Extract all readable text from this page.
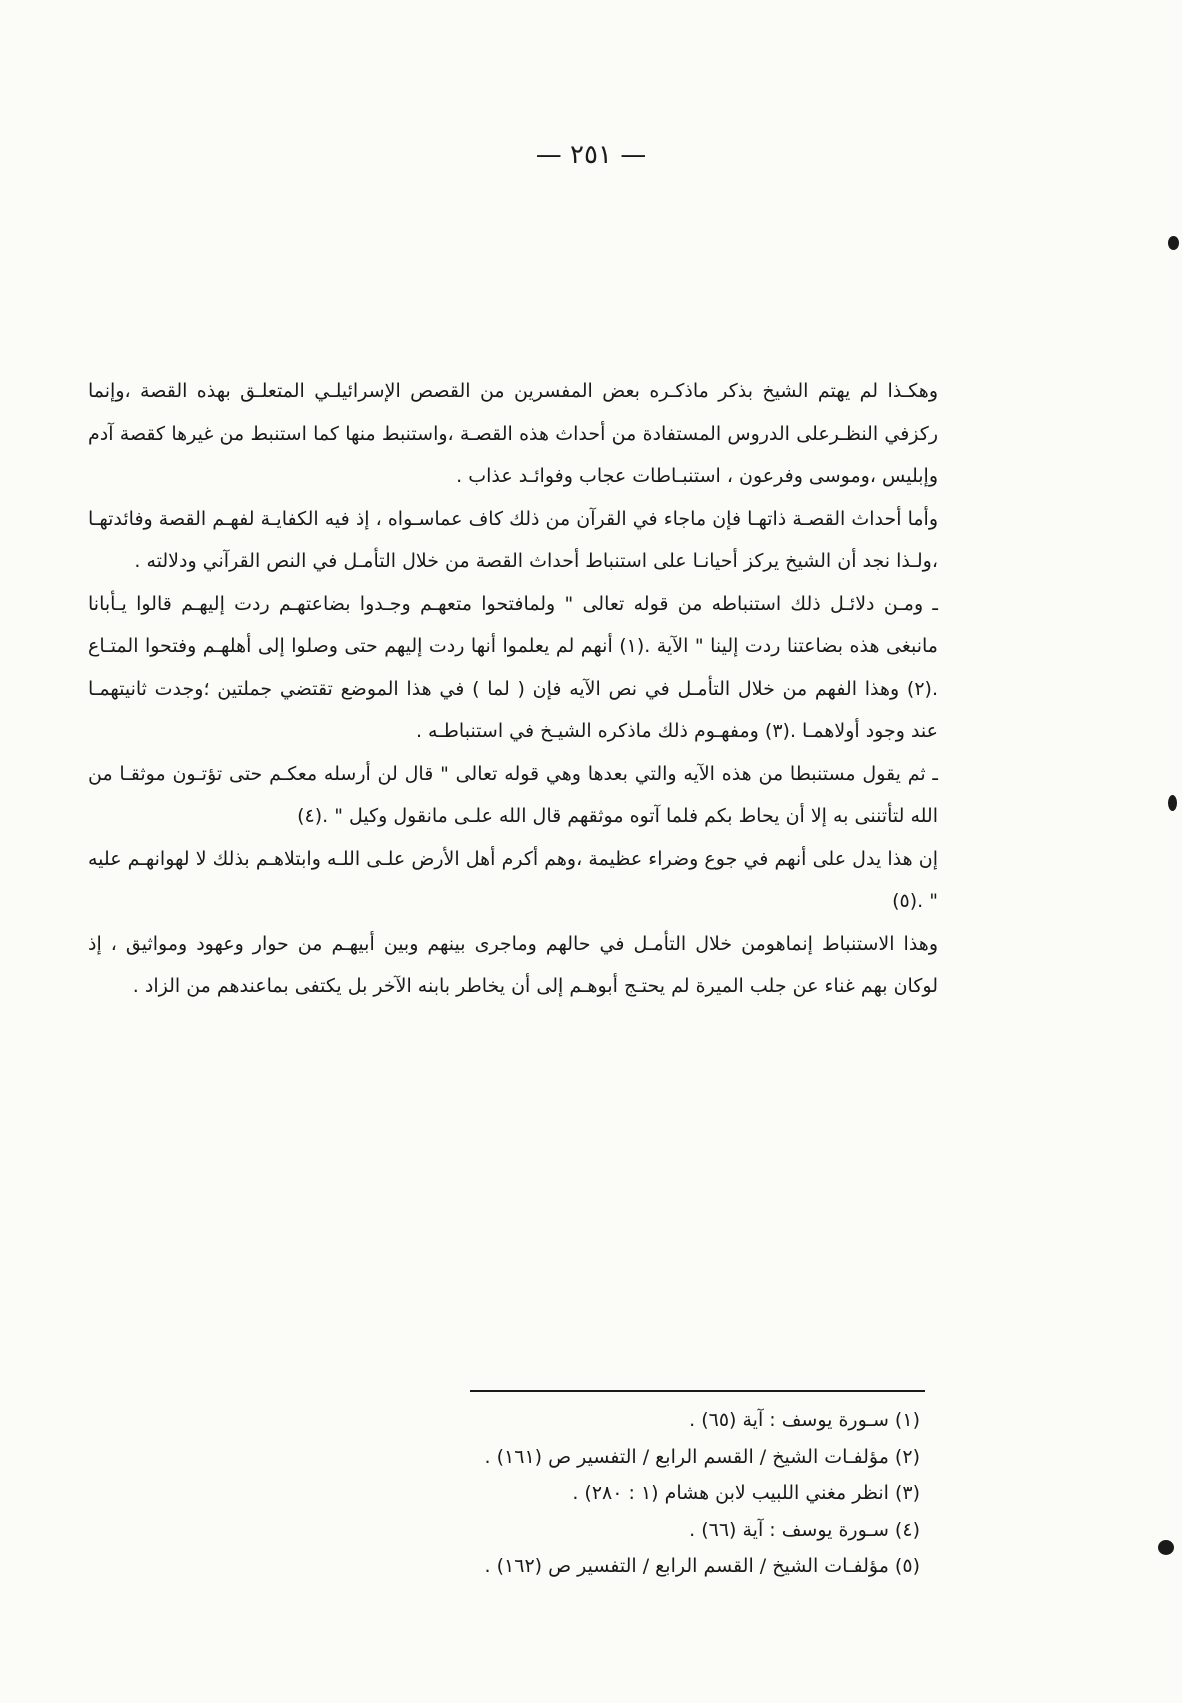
— ٢٥١ —

وهكـذا لم يهتم الشيخ بذكر ماذكـره بعض المفسرين من القصص الإسرائيلـي المتعلـق بهذه القصة ،وإنما ركزفي النظـرعلى الدروس المستفادة من أحداث هذه القصـة ،واستنبط منها كما استنبط من غيرها كقصة آدم وإبليس ،وموسى وفرعون ، استنبـاطات عجاب وفوائـد عذاب .

وأما أحداث القصـة ذاتهـا فإن ماجاء في القرآن من ذلك كاف عماسـواه ، إذ فيه الكفايـة لفهـم القصة وفائدتهـا ،ولـذا نجد أن الشيخ يركز أحيانـا على استنباط أحداث القصة من خلال التأمـل في النص القرآني ودلالته .

ـ ومـن دلائـل ذلك استنباطه من قوله تعالى " ولمافتحوا متعهـم وجـدوا بضاعتهـم ردت إليهـم قالوا يـأبانا مانبغى هذه بضاعتنا ردت إلينا " الآية .(١) أنهم لم يعلموا أنها ردت إليهم حتى وصلوا إلى أهلهـم وفتحوا المتـاع .(٢) وهذا الفهم من خلال التأمـل في نص الآيه فإن ( لما ) في هذا الموضع تقتضي جملتين ؛وجدت ثانيتهمـا عند وجود أولاهمـا .(٣) ومفهـوم ذلك ماذكره الشيـخ في استنباطـه .

ـ ثم يقول مستنبطا من هذه الآيه والتي بعدها وهي قوله تعالى " قال لن أرسله معكـم حتى تؤتـون موثقـا من الله لتأتننى به إلا أن يحاط بكم فلما آتوه موثقهم قال الله علـى مانقول وكيل " .(٤)

إن هذا يدل على أنهم في جوع وضراء عظيمة ،وهم أكرم أهل الأرض علـى اللـه وابتلاهـم بذلك لا لهوانهـم عليه " .(٥)

وهذا الاستنباط إنماهومن خلال التأمـل في حالهم وماجرى بينهم وبين أبيهـم من حوار وعهود ومواثيق ، إذ لوكان بهم غناء عن جلب الميرة لم يحتـج أبوهـم إلى أن يخاطر بابنه الآخر بل يكتفى بماعندهم من الزاد .

(١) سـورة يوسف : آية (٦٥) .
(٢) مؤلفـات الشيخ / القسم الرابع / التفسير ص (١٦١) .
(٣) انظر مغني اللبيب لابن هشام (١ : ٢٨٠) .
(٤) سـورة يوسف : آية (٦٦) .
(٥) مؤلفـات الشيخ / القسم الرابع / التفسير ص (١٦٢) .
